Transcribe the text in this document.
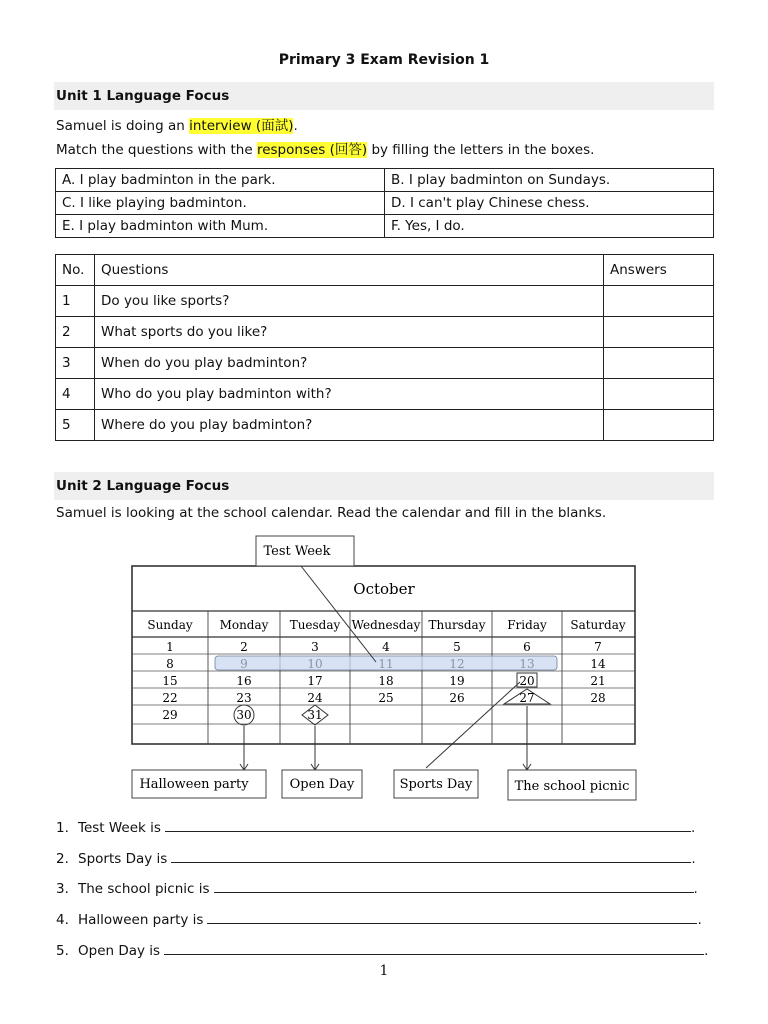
Primary 3 Exam Revision 1
Unit 1 Language Focus
Samuel is doing an interview (面試).
Match the questions with the responses (回答) by filling the letters in the boxes.
A. I play badminton in the park.	B. I play badminton on Sundays.
C. I like playing badminton.	D. I can't play Chinese chess.
E. I play badminton with Mum.	F. Yes, I do.
No.	Questions	Answers
1	Do you like sports?	
2	What sports do you like?	
3	When do you play badminton?	
4	Who do you play badminton with?	
5	Where do you play badminton?	
Unit 2 Language Focus
Samuel is looking at the school calendar. Read the calendar and fill in the blanks.
October
Sunday Monday Tuesday Wednesday Thursday Friday Saturday
1	2	3	4	5	6	7
8	9	10	11	12	13	14
15	16	17	18	19	20	21
22	23	24	25	26	27	28
29	30	31
Test Week
Halloween party	Open Day	Sports Day	The school picnic
1. Test Week is	.
2. Sports Day is	.
3. The school picnic is	.
4. Halloween party is	.
5. Open Day is	.
1
